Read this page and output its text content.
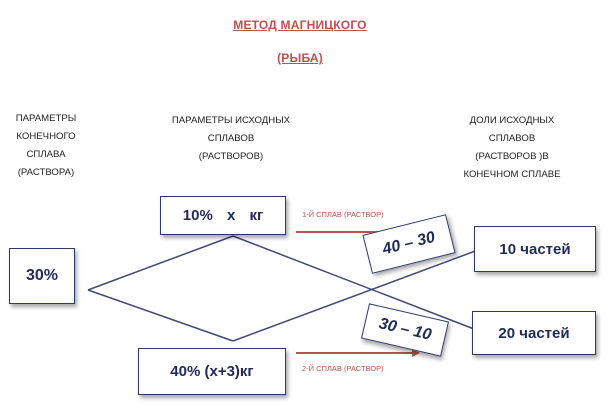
МЕТОД МАГНИЦКОГО
(РЫБА)
ПАРАМЕТРЫ
КОНЕЧНОГО
СПЛАВА
(РАСТВОРА)
ПАРАМЕТРЫ ИСХОДНЫХ
СПЛАВОВ
(РАСТВОРОВ)
ДОЛИ ИСХОДНЫХ
СПЛАВОВ
(РАСТВОРОВ )В
КОНЕЧНОМ СПЛАВЕ
1-Й СПЛАВ (РАСТВОР)
2-Й СПЛАВ (РАСТВОР)
30%
10% х кг
40% (х+3)кг
40 – 30
30 – 10
10 частей
20 частей
